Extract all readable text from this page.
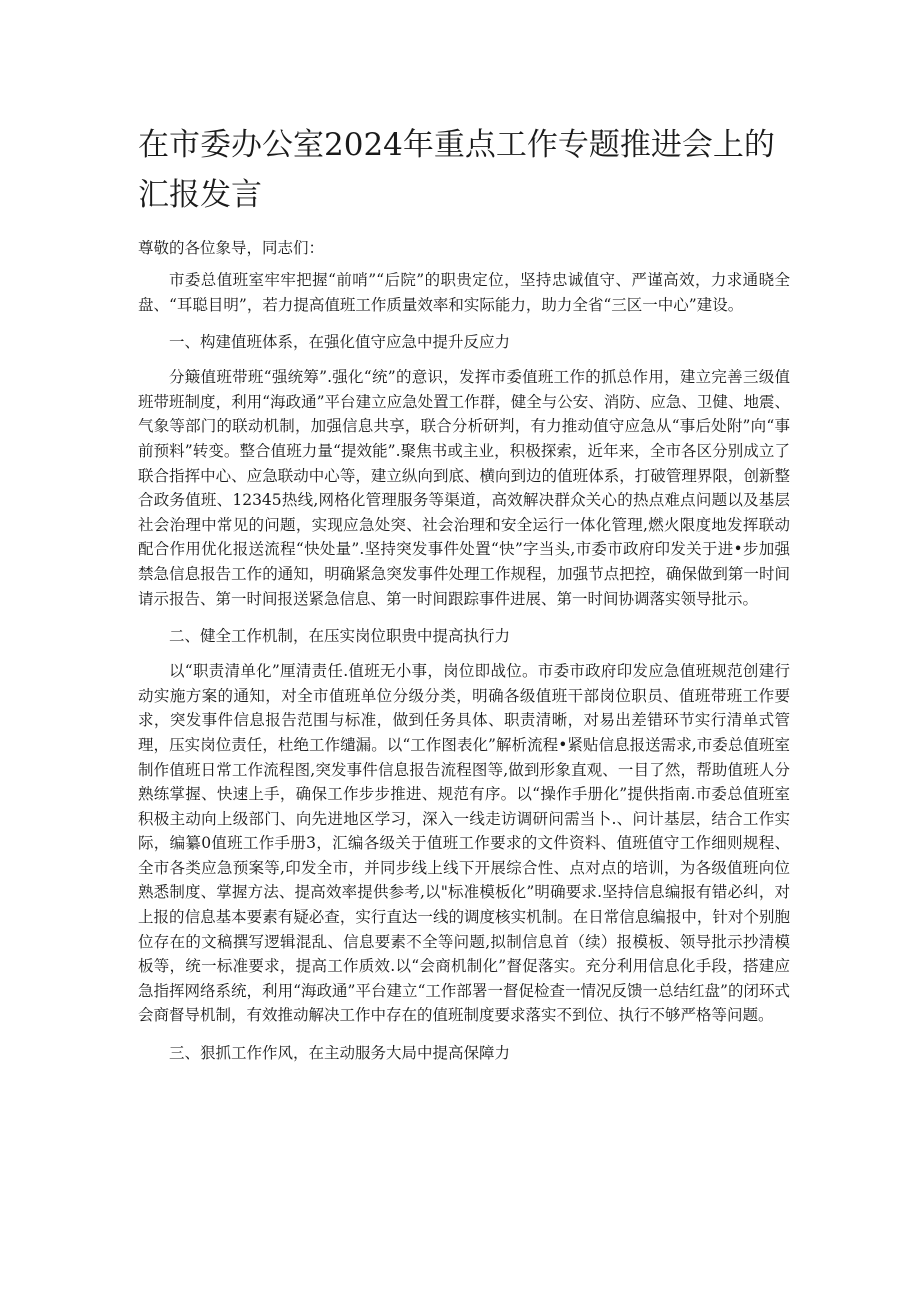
在市委办公室2024年重点工作专题推进会上的汇报发言

尊敬的各位象导，同志们：

市委总值班室牢牢把握“前哨”“后院”的职贵定位，坚持忠诚值守、严谨高效，力求通晓全盘、“耳聪目明”，若力提高值班工作质量效率和实际能力，助力全省“三区一中心”建设。

一、构建值班体系，在强化值守应急中提升反应力

分簸值班带班“强统筹”.强化“统”的意识，发挥市委值班工作的抓总作用，建立完善三级值班带班制度，利用“海政通”平台建立应急处置工作群，健全与公安、消防、应急、卫健、地震、气象等部门的联动机制，加强信息共享，联合分析研判，有力推动值守应急从“事后处附”向“事前预料”转变。整合值班力量“提效能”.聚焦书或主业，积极探索，近年来，全市各区分别成立了联合指挥中心、应急联动中心等，建立纵向到底、横向到边的值班体系，打破管理界限，创新整合政务值班、12345热线,网格化管理服务等渠道，高效解决群众关心的热点难点问题以及基层社会治理中常见的问题，实现应急处突、社会治理和安全运行一体化管理,燃火限度地发挥联动配合作用优化报送流程“快处量”.坚持突发事件处置“快”字当头,市委市政府印发关于进•步加强禁急信息报告工作的通知，明确紧急突发事件处理工作规程，加强节点把控，确保做到第一时间请示报告、第一时间报送紧急信息、第一时间跟踪事件进展、第一时间协调落实领导批示。

二、健全工作机制，在压实岗位职贵中提高执行力

以“职责清单化”厘清责任.值班无小事，岗位即战位。市委市政府印发应急值班规范创建行动实施方案的通知，对全市值班单位分级分类，明确各级值班干部岗位职员、值班带班工作要求，突发事件信息报告范围与标准，做到任务具体、职责清晰，对易出差错环节实行清单式管理，压实岗位责任，杜绝工作缱漏。以“工作图表化”解析流程•紧贴信息报送需求,市委总值班室制作值班日常工作流程图,突发事件信息报告流程图等,做到形象直观、一目了然，帮助值班人分熟练掌握、快速上手，确保工作步步推进、规范有序。以“操作手册化”提供指南.市委总值班室积极主动向上级部门、向先进地区学习，深入一线走访调研问需当卜.、问计基层，结合工作实际，编纂0值班工作手册3，汇编各级关于值班工作要求的文件资料、值班值守工作细则规程、全市各类应急预案等,印发全市，并同步线上线下开展综合性、点对点的培训，为各级值班向位熟悉制度、掌握方法、提高效率提供参考,以"标准模板化”明确要求.坚持信息编报有错必纠，对上报的信息基本要素有疑必查，实行直达一线的调度核实机制。在日常信息编报中，针对个别胞位存在的文稿撰写逻辑混乱、信息要素不全等问题,拟制信息首（续）报模板、领导批示抄清模板等，统一标准要求，提高工作质效.以“会商机制化”督促落实。充分利用信息化手段，搭建应急指挥网络系统，利用“海政通”平台建立“工作部署一督促检查一情况反馈一总结红盘”的闭环式会商督导机制，有效推动解决工作中存在的值班制度要求落实不到位、执行不够严格等问题。

三、狠抓工作作风，在主动服务大局中提高保障力
